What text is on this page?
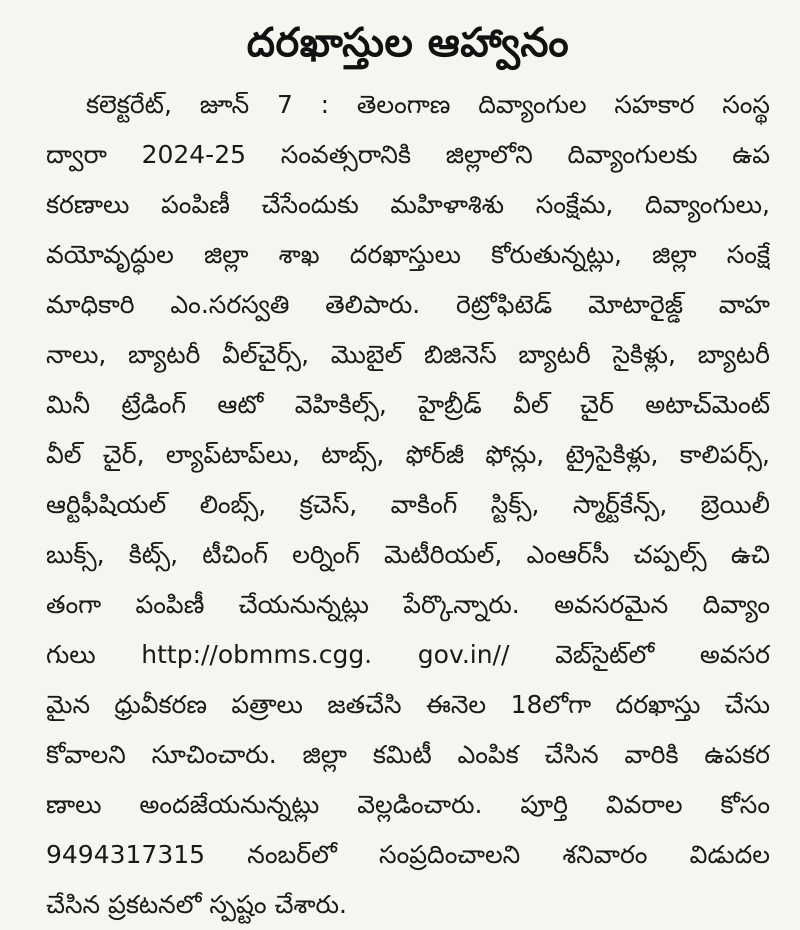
దరఖాస్తుల ఆహ్వానం
కలెక్టరేట్, జూన్ 7 : తెలంగాణ దివ్యాంగుల సహకార సంస్థ
ద్వారా 2024-25 సంవత్సరానికి జిల్లాలోని దివ్యాంగులకు ఉప
కరణాలు పంపిణీ చేసేందుకు మహిళాశిశు సంక్షేమ, దివ్యాంగులు,
వయోవృద్ధుల జిల్లా శాఖ దరఖాస్తులు కోరుతున్నట్లు, జిల్లా సంక్షే
మాధికారి ఎం.సరస్వతి తెలిపారు. రెట్రోఫిటెడ్ మోటారైజ్డ్ వాహ
నాలు, బ్యాటరీ వీల్‌చైర్స్, మొబైల్ బిజినెస్ బ్యాటరీ సైకిళ్లు, బ్యాటరీ
మినీ ట్రేడింగ్ ఆటో వెహికిల్స్, హైబ్రీడ్ వీల్ చైర్ అటాచ్‌మెంట్
వీల్ చైర్, ల్యాప్‌టాప్‌లు, టాబ్స్, ఫోర్‌జీ ఫోన్లు, ట్రైసైకిళ్లు, కాలిపర్స్,
ఆర్టిఫీషియల్ లింబ్స్, క్రచెస్, వాకింగ్ స్టిక్స్, స్మార్ట్‌కేన్స్, బ్రెయిలీ
బుక్స్, కిట్స్, టీచింగ్ లర్నింగ్ మెటీరియల్, ఎంఆర్‌సీ చప్పల్స్ ఉచి
తంగా పంపిణీ చేయనున్నట్లు పేర్కొన్నారు. అవసరమైన దివ్యాం
గులు http://obmms.cgg. gov.in// వెబ్‌సైట్‌లో అవసర
మైన ధ్రువీకరణ పత్రాలు జతచేసి ఈనెల 18లోగా దరఖాస్తు చేసు
కోవాలని సూచించారు. జిల్లా కమిటీ ఎంపిక చేసిన వారికి ఉపకర
ణాలు అందజేయనున్నట్లు వెల్లడించారు. పూర్తి వివరాల కోసం
9494317315 నంబర్‌లో సంప్రదించాలని శనివారం విడుదల
చేసిన ప్రకటనలో స్పష్టం చేశారు.
